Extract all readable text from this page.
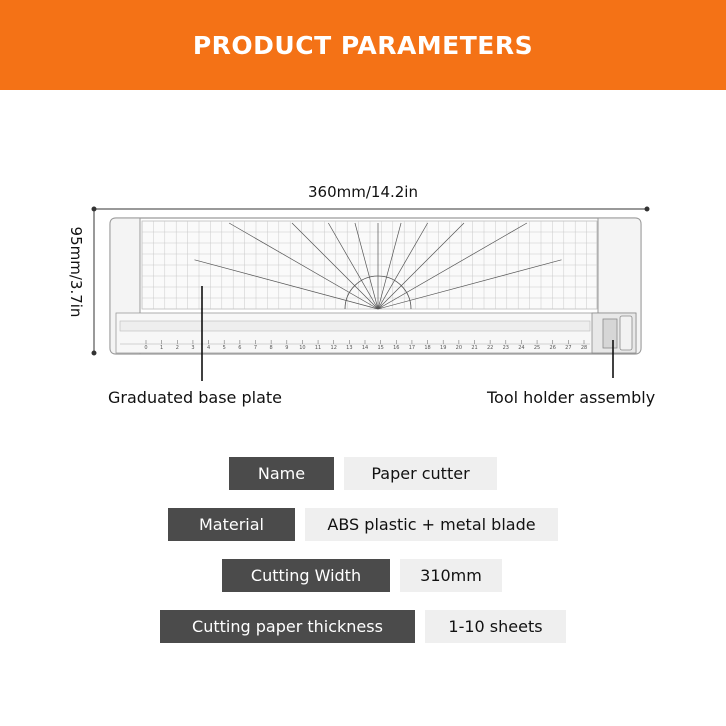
PRODUCT PARAMETERS
360mm/14.2in
95mm/3.7in
0 1 2 3 4 5 6 7 8 9 10 11 12 13 14 15 16 17 18 19 20 21 22 23 24 25 26 27 28
Graduated base plate	Tool holder assembly
Name	Paper cutter
Material	ABS plastic + metal blade
Cutting Width	310mm
Cutting paper thickness	1-10 sheets
